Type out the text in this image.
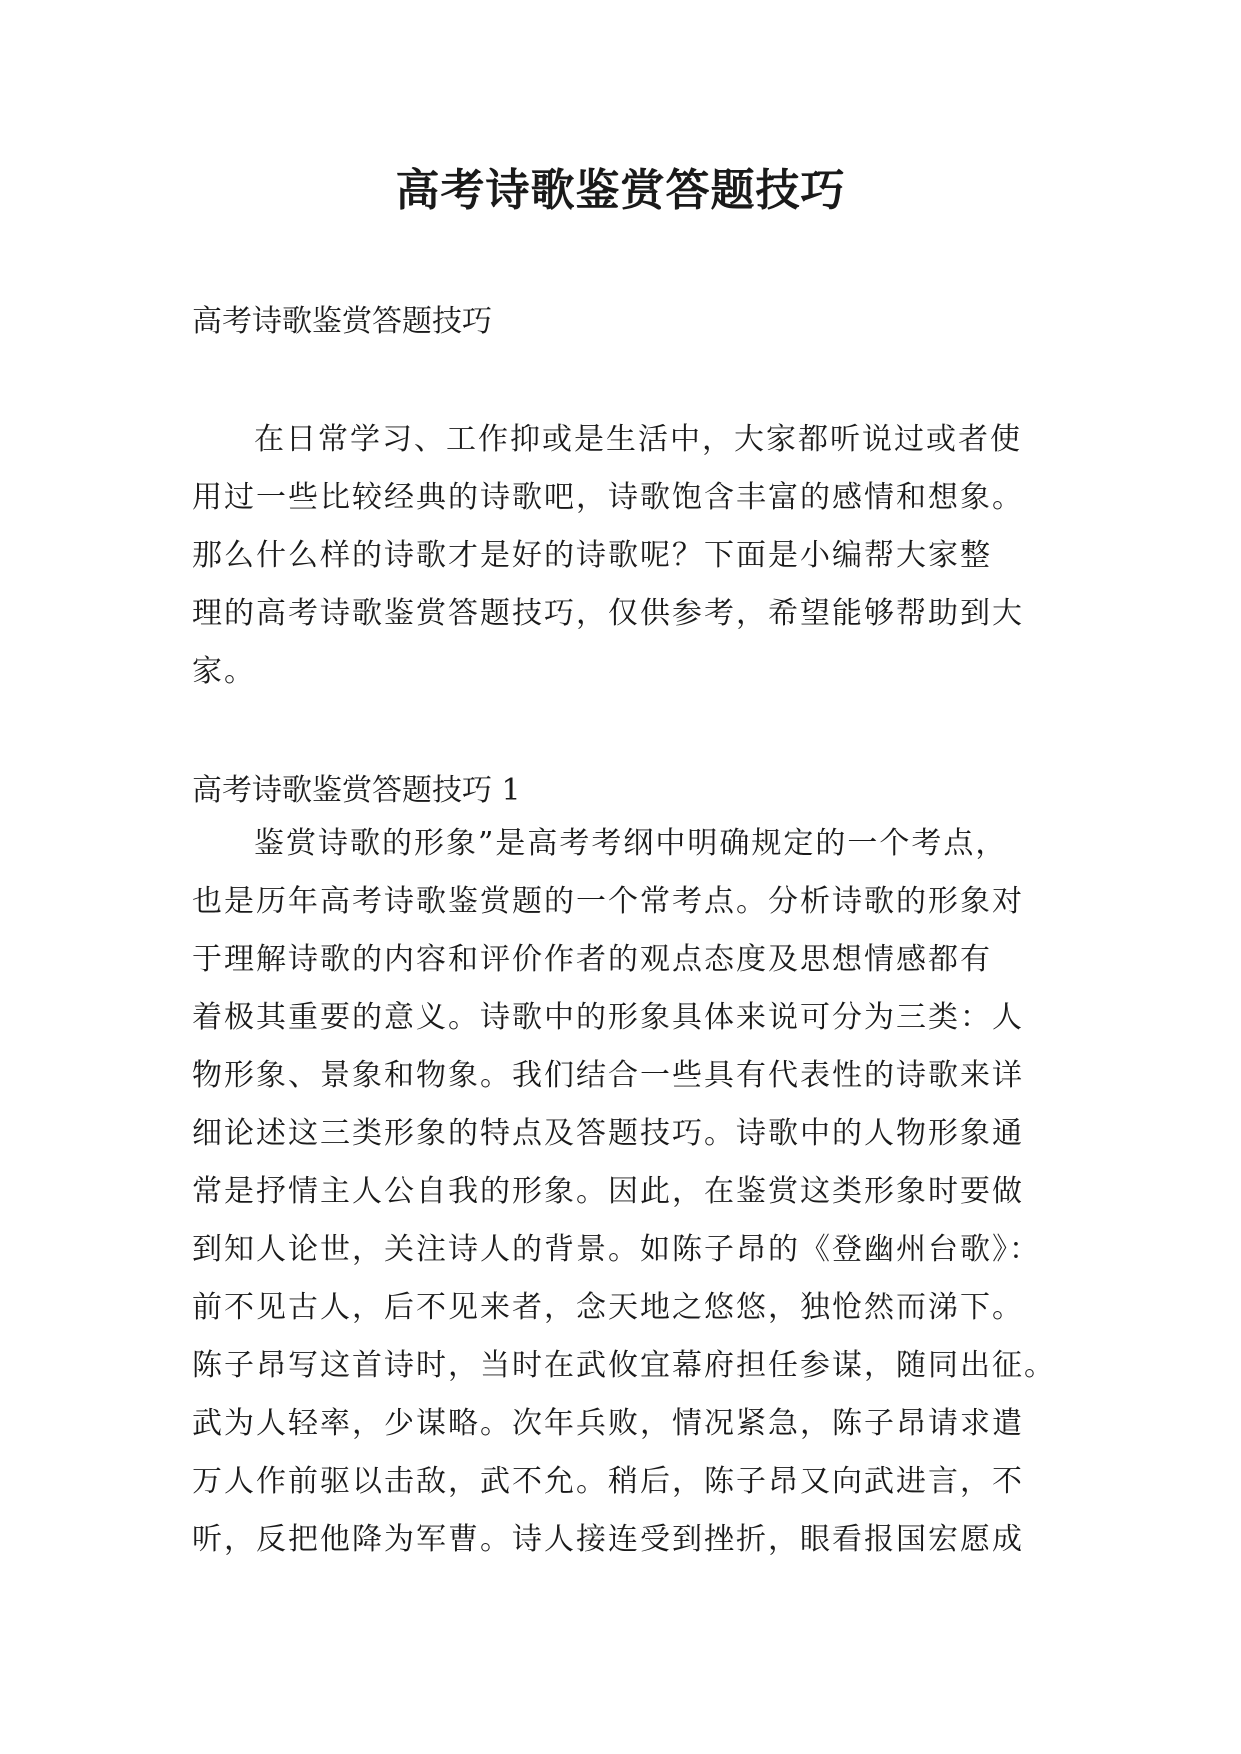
高考诗歌鉴赏答题技巧

高考诗歌鉴赏答题技巧

在日常学习、工作抑或是生活中，大家都听说过或者使
用过一些比较经典的诗歌吧，诗歌饱含丰富的感情和想象。
那么什么样的诗歌才是好的诗歌呢？下面是小编帮大家整
理的高考诗歌鉴赏答题技巧，仅供参考，希望能够帮助到大
家。

高考诗歌鉴赏答题技巧 1

鉴赏诗歌的形象”是高考考纲中明确规定的一个考点，
也是历年高考诗歌鉴赏题的一个常考点。分析诗歌的形象对
于理解诗歌的内容和评价作者的观点态度及思想情感都有
着极其重要的意义。诗歌中的形象具体来说可分为三类：人
物形象、景象和物象。我们结合一些具有代表性的诗歌来详
细论述这三类形象的特点及答题技巧。诗歌中的人物形象通
常是抒情主人公自我的形象。因此，在鉴赏这类形象时要做
到知人论世，关注诗人的背景。如陈子昂的《登幽州台歌》：
前不见古人，后不见来者，念天地之悠悠，独怆然而涕下。
陈子昂写这首诗时，当时在武攸宜幕府担任参谋，随同出征。
武为人轻率，少谋略。次年兵败，情况紧急，陈子昂请求遣
万人作前驱以击敌，武不允。稍后，陈子昂又向武进言，不
听，反把他降为军曹。诗人接连受到挫折，眼看报国宏愿成
